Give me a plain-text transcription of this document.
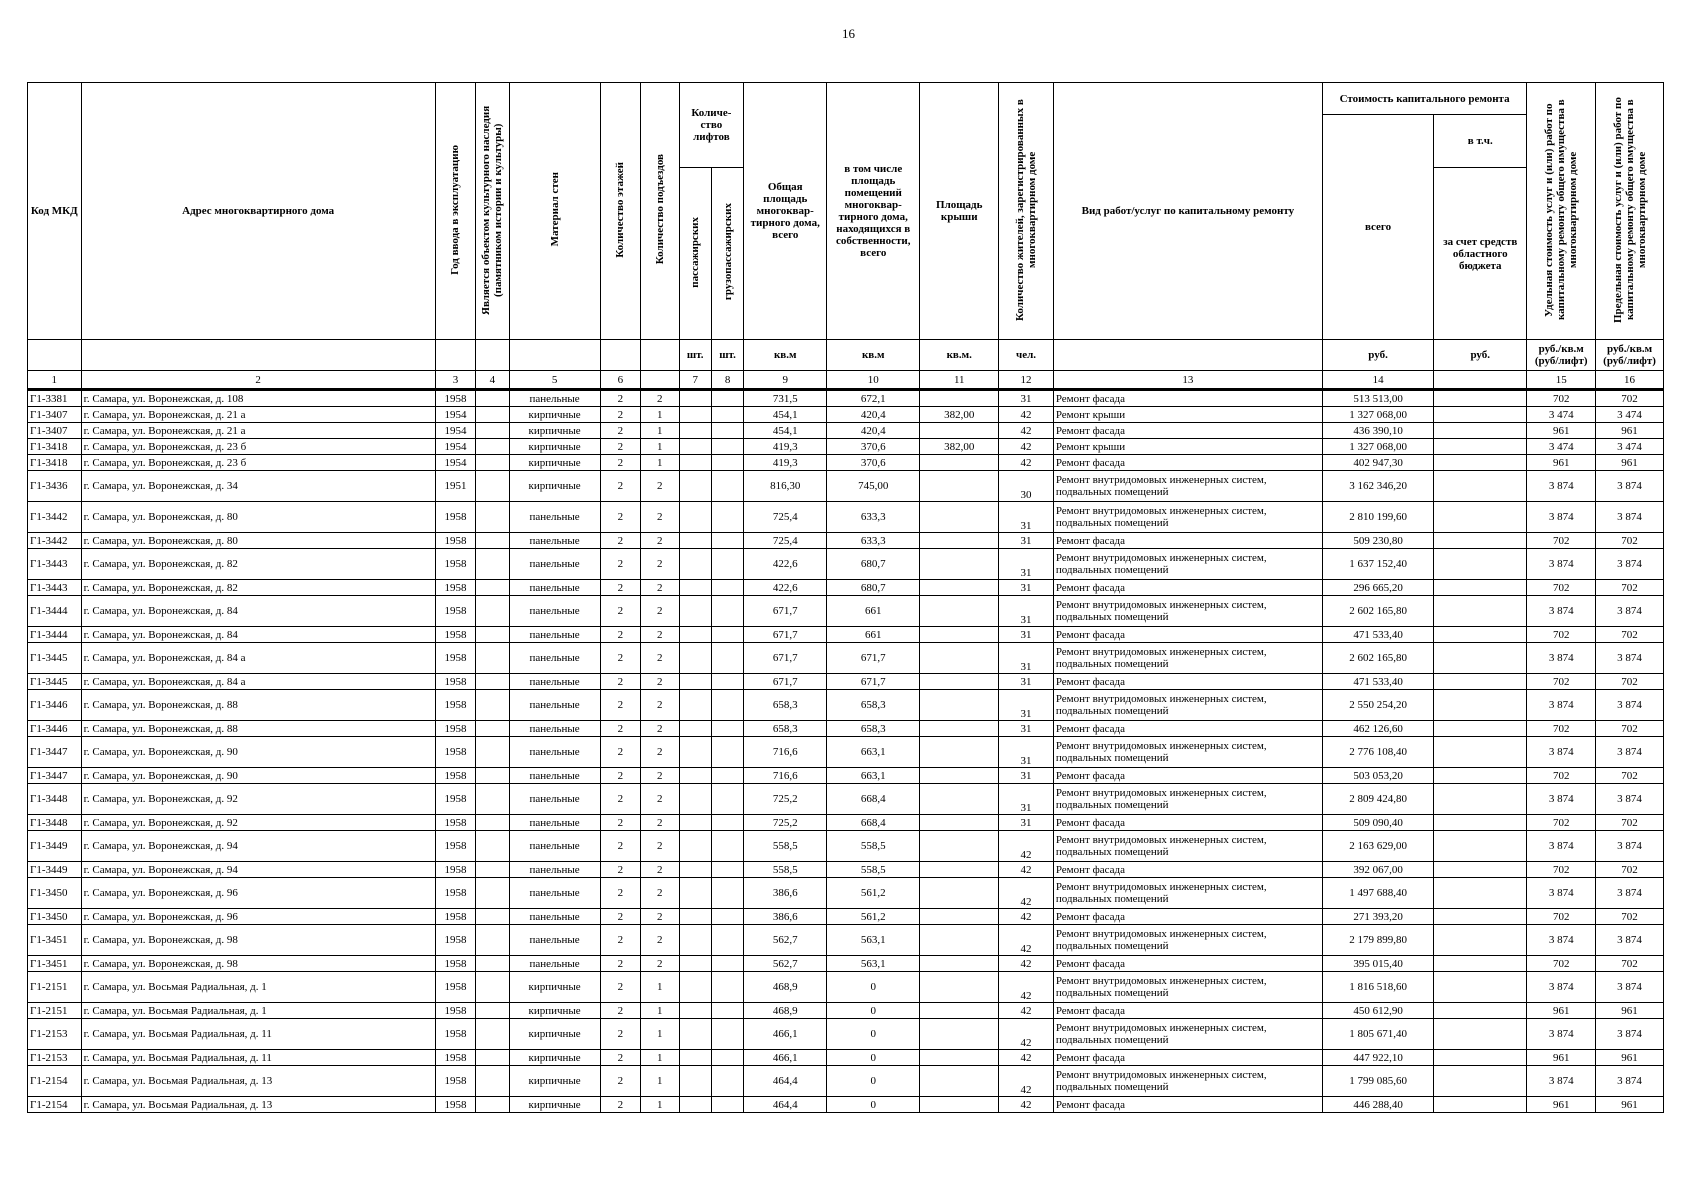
16
Код МКД	Адрес многоквартирного дома	Год ввода в эксплуатацию	Является объектом культурного наследия (памятником истории и культуры)	Материал стен	Количество этажей	Количество подъездов	Количе-ство лифтов		Общая площадь многоквар-тирного дома, всего	в том числе площадь помещений многоквар-тирного дома, находящихся в собственности, всего	Площадь крыши	Количество жителей, зарегистрированных в многоквартирном доме	Вид работ/услуг по капитальному ремонту	Стоимость капитального ремонта		Удельная стоимость услуг и (или) работ по капитальному ремонту общего имущества в многоквартирном доме	Предельная стоимость услуг и (или) работ по капитальному ремонту общего имущества в многоквартирном доме
														всего	в т.ч.		
							пассажирских	грузопассажирских							за счет средств областного бюджета		
							шт.	шт.	кв.м	кв.м	кв.м.	чел.		руб.	руб.	руб./кв.м (руб/лифт)	руб./кв.м (руб/лифт)
1	2	3	4	5	6		7	8	9	10	11	12	13	14		15	16
Г1-3381	г. Самара, ул. Воронежская, д. 108	1958		панельные	2	2			731,5	672,1		31	Ремонт фасада	513 513,00		702	702
Г1-3407	г. Самара, ул. Воронежская, д. 21 а	1954		кирпичные	2	1			454,1	420,4	382,00	42	Ремонт крыши	1 327 068,00		3 474	3 474
Г1-3407	г. Самара, ул. Воронежская, д. 21 а	1954		кирпичные	2	1			454,1	420,4		42	Ремонт фасада	436 390,10		961	961
Г1-3418	г. Самара, ул. Воронежская, д. 23 б	1954		кирпичные	2	1			419,3	370,6	382,00	42	Ремонт крыши	1 327 068,00		3 474	3 474
Г1-3418	г. Самара, ул. Воронежская, д. 23 б	1954		кирпичные	2	1			419,3	370,6		42	Ремонт фасада	402 947,30		961	961
Г1-3436	г. Самара, ул. Воронежская, д. 34	1951		кирпичные	2	2			816,30	745,00		30	Ремонт внутридомовых инженерных систем, подвальных помещений	3 162 346,20		3 874	3 874
Г1-3442	г. Самара, ул. Воронежская, д. 80	1958		панельные	2	2			725,4	633,3		31	Ремонт внутридомовых инженерных систем, подвальных помещений	2 810 199,60		3 874	3 874
Г1-3442	г. Самара, ул. Воронежская, д. 80	1958		панельные	2	2			725,4	633,3		31	Ремонт фасада	509 230,80		702	702
Г1-3443	г. Самара, ул. Воронежская, д. 82	1958		панельные	2	2			422,6	680,7		31	Ремонт внутридомовых инженерных систем, подвальных помещений	1 637 152,40		3 874	3 874
Г1-3443	г. Самара, ул. Воронежская, д. 82	1958		панельные	2	2			422,6	680,7		31	Ремонт фасада	296 665,20		702	702
Г1-3444	г. Самара, ул. Воронежская, д. 84	1958		панельные	2	2			671,7	661		31	Ремонт внутридомовых инженерных систем, подвальных помещений	2 602 165,80		3 874	3 874
Г1-3444	г. Самара, ул. Воронежская, д. 84	1958		панельные	2	2			671,7	661		31	Ремонт фасада	471 533,40		702	702
Г1-3445	г. Самара, ул. Воронежская, д. 84 а	1958		панельные	2	2			671,7	671,7		31	Ремонт внутридомовых инженерных систем, подвальных помещений	2 602 165,80		3 874	3 874
Г1-3445	г. Самара, ул. Воронежская, д. 84 а	1958		панельные	2	2			671,7	671,7		31	Ремонт фасада	471 533,40		702	702
Г1-3446	г. Самара, ул. Воронежская, д. 88	1958		панельные	2	2			658,3	658,3		31	Ремонт внутридомовых инженерных систем, подвальных помещений	2 550 254,20		3 874	3 874
Г1-3446	г. Самара, ул. Воронежская, д. 88	1958		панельные	2	2			658,3	658,3		31	Ремонт фасада	462 126,60		702	702
Г1-3447	г. Самара, ул. Воронежская, д. 90	1958		панельные	2	2			716,6	663,1		31	Ремонт внутридомовых инженерных систем, подвальных помещений	2 776 108,40		3 874	3 874
Г1-3447	г. Самара, ул. Воронежская, д. 90	1958		панельные	2	2			716,6	663,1		31	Ремонт фасада	503 053,20		702	702
Г1-3448	г. Самара, ул. Воронежская, д. 92	1958		панельные	2	2			725,2	668,4		31	Ремонт внутридомовых инженерных систем, подвальных помещений	2 809 424,80		3 874	3 874
Г1-3448	г. Самара, ул. Воронежская, д. 92	1958		панельные	2	2			725,2	668,4		31	Ремонт фасада	509 090,40		702	702
Г1-3449	г. Самара, ул. Воронежская, д. 94	1958		панельные	2	2			558,5	558,5		42	Ремонт внутридомовых инженерных систем, подвальных помещений	2 163 629,00		3 874	3 874
Г1-3449	г. Самара, ул. Воронежская, д. 94	1958		панельные	2	2			558,5	558,5		42	Ремонт фасада	392 067,00		702	702
Г1-3450	г. Самара, ул. Воронежская, д. 96	1958		панельные	2	2			386,6	561,2		42	Ремонт внутридомовых инженерных систем, подвальных помещений	1 497 688,40		3 874	3 874
Г1-3450	г. Самара, ул. Воронежская, д. 96	1958		панельные	2	2			386,6	561,2		42	Ремонт фасада	271 393,20		702	702
Г1-3451	г. Самара, ул. Воронежская, д. 98	1958		панельные	2	2			562,7	563,1		42	Ремонт внутридомовых инженерных систем, подвальных помещений	2 179 899,80		3 874	3 874
Г1-3451	г. Самара, ул. Воронежская, д. 98	1958		панельные	2	2			562,7	563,1		42	Ремонт фасада	395 015,40		702	702
Г1-2151	г. Самара, ул. Восьмая Радиальная, д. 1	1958		кирпичные	2	1			468,9	0		42	Ремонт внутридомовых инженерных систем, подвальных помещений	1 816 518,60		3 874	3 874
Г1-2151	г. Самара, ул. Восьмая Радиальная, д. 1	1958		кирпичные	2	1			468,9	0		42	Ремонт фасада	450 612,90		961	961
Г1-2153	г. Самара, ул. Восьмая Радиальная, д. 11	1958		кирпичные	2	1			466,1	0		42	Ремонт внутридомовых инженерных систем, подвальных помещений	1 805 671,40		3 874	3 874
Г1-2153	г. Самара, ул. Восьмая Радиальная, д. 11	1958		кирпичные	2	1			466,1	0		42	Ремонт фасада	447 922,10		961	961
Г1-2154	г. Самара, ул. Восьмая Радиальная, д. 13	1958		кирпичные	2	1			464,4	0		42	Ремонт внутридомовых инженерных систем, подвальных помещений	1 799 085,60		3 874	3 874
Г1-2154	г. Самара, ул. Восьмая Радиальная, д. 13	1958		кирпичные	2	1			464,4	0		42	Ремонт фасада	446 288,40		961	961
